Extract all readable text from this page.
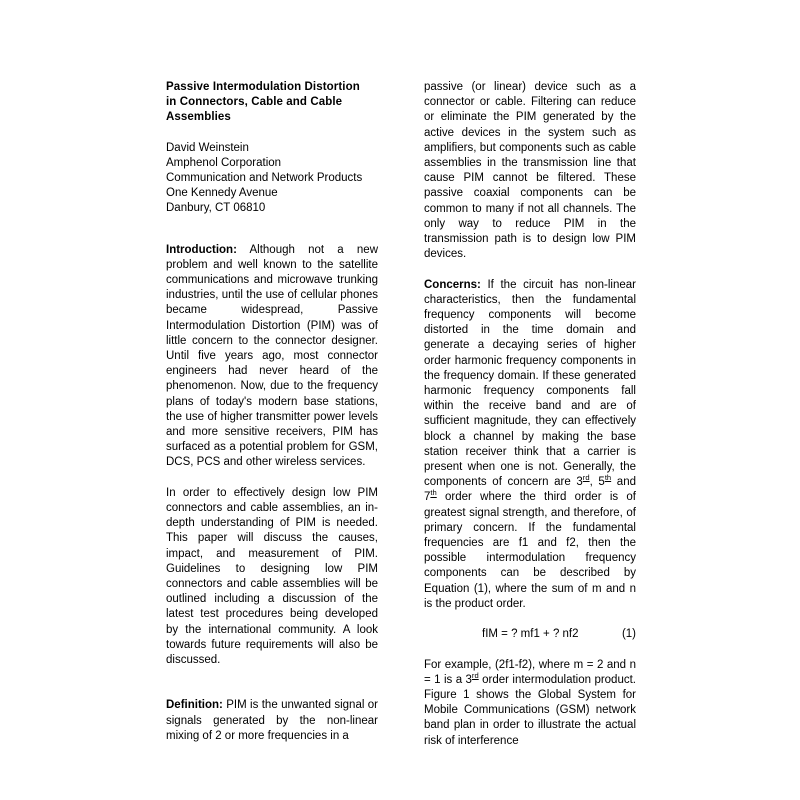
Passive Intermodulation Distortion
in Connectors, Cable and Cable
Assemblies
David Weinstein
Amphenol Corporation
Communication and Network Products
One Kennedy Avenue
Danbury, CT 06810

Introduction: Although not a new problem and well known to the satellite communications and microwave trunking industries, until the use of cellular phones became widespread, Passive Intermodulation Distortion (PIM) was of little concern to the connector designer. Until five years ago, most connector engineers had never heard of the phenomenon. Now, due to the frequency plans of today's modern base stations, the use of higher transmitter power levels and more sensitive receivers, PIM has surfaced as a potential problem for GSM, DCS, PCS and other wireless services.

In order to effectively design low PIM connectors and cable assemblies, an in-depth understanding of PIM is needed. This paper will discuss the causes, impact, and measurement of PIM. Guidelines to designing low PIM connectors and cable assemblies will be outlined including a discussion of the latest test procedures being developed by the international community. A look towards future requirements will also be discussed.

Definition: PIM is the unwanted signal or signals generated by the non-linear mixing of 2 or more frequencies in a

passive (or linear) device such as a connector or cable. Filtering can reduce or eliminate the PIM generated by the active devices in the system such as amplifiers, but components such as cable assemblies in the transmission line that cause PIM cannot be filtered. These passive coaxial components can be common to many if not all channels. The only way to reduce PIM in the transmission path is to design low PIM devices.

Concerns: If the circuit has non-linear characteristics, then the fundamental frequency components will become distorted in the time domain and generate a decaying series of higher order harmonic frequency components in the frequency domain. If these generated harmonic frequency components fall within the receive band and are of sufficient magnitude, they can effectively block a channel by making the base station receiver think that a carrier is present when one is not. Generally, the components of concern are 3rd, 5th and 7th order where the third order is of greatest signal strength, and therefore, of primary concern. If the fundamental frequencies are f1 and f2, then the possible intermodulation frequency components can be described by Equation (1), where the sum of m and n is the product order.

fIM = ? mf1 + ? nf2	(1)

For example, (2f1-f2), where m = 2 and n = 1 is a 3rd order intermodulation product. Figure 1 shows the Global System for Mobile Communications (GSM) network band plan in order to illustrate the actual risk of interference
